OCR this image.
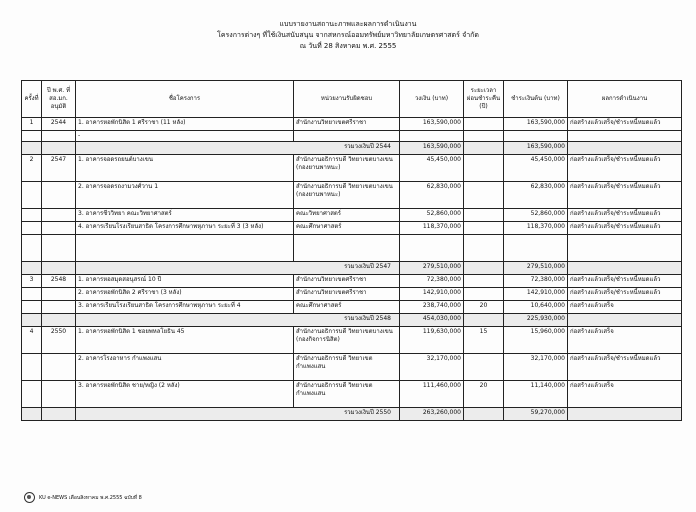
แบบรายงานสถานะภาพและผลการดำเนินงาน
โครงการต่างๆ ที่ใช้เงินสนับสนุน จากสหกรณ์ออมทรัพย์มหาวิทยาลัยเกษตรศาสตร์ จำกัด
ณ วันที่ 28 สิงหาคม พ.ศ. 2555
ครั้งที่	ปี พ.ศ. ที่ สอ.มก. อนุมัติ	ชื่อโครงการ	หน่วยงานรับผิดชอบ	วงเงิน (บาท)	ระยะเวลาผ่อนชำระคืน (ปี)	ชำระเงินต้น (บาท)	ผลการดำเนินงาน
1	2544	1. อาคารหอพักนิสิต 1 ศรีราชา (11 หลัง)	สำนักงานวิทยาเขตศรีราชา	163,590,000		163,590,000	ก่อสร้างแล้วเสร็จ/ชำระหนี้หมดแล้ว
		-					
		รวมวงเงินปี 2544		163,590,000		163,590,000	
2	2547	1. อาคารจอดรถยนต์บางเขน	สำนักงานอธิการบดี วิทยาเขตบางเขน (กองยานพาหนะ)	45,450,000		45,450,000	ก่อสร้างแล้วเสร็จ/ชำระหนี้หมดแล้ว
		2. อาคารจอดรถงามวงศ์วาน 1	สำนักงานอธิการบดี วิทยาเขตบางเขน (กองยานพาหนะ)	62,830,000		62,830,000	ก่อสร้างแล้วเสร็จ/ชำระหนี้หมดแล้ว
		3. อาคารชีววิทยา คณะวิทยาศาสตร์	คณะวิทยาศาสตร์	52,860,000		52,860,000	ก่อสร้างแล้วเสร็จ/ชำระหนี้หมดแล้ว
		4. อาคารเรียนโรงเรียนสาธิต โครงการศึกษาพหุภาษา ระยะที่ 3 (3 หลัง)	คณะศึกษาศาสตร์	118,370,000		118,370,000	ก่อสร้างแล้วเสร็จ/ชำระหนี้หมดแล้ว

		รวมวงเงินปี 2547		279,510,000		279,510,000	
3	2548	1. อาคารหอสมุดสอนุสรณ์ 10 ปี	สำนักงานวิทยาเขตศรีราชา	72,380,000		72,380,000	ก่อสร้างแล้วเสร็จ/ชำระหนี้หมดแล้ว
		2. อาคารหอพักนิสิต 2 ศรีราชา (3 หลัง)	สำนักงานวิทยาเขตศรีราชา	142,910,000		142,910,000	ก่อสร้างแล้วเสร็จ/ชำระหนี้หมดแล้ว
		3. อาคารเรียนโรงเรียนสาธิต โครงการศึกษาพหุภาษา ระยะที่ 4	คณะศึกษาศาสตร์	238,740,000	20	10,640,000	ก่อสร้างแล้วเสร็จ
		รวมวงเงินปี 2548		454,030,000		225,930,000	
4	2550	1. อาคารหอพักนิสิต 1 ชอยพหลโยธิน 45	สำนักงานอธิการบดี วิทยาเขตบางเขน (กองกิจการนิสิต)	119,630,000	15	15,960,000	ก่อสร้างแล้วเสร็จ
		2. อาคารโรงอาหาร กำแพงแสน	สำนักงานอธิการบดี วิทยาเขตกำแพงแสน	32,170,000		32,170,000	ก่อสร้างแล้วเสร็จ/ชำระหนี้หมดแล้ว
		3. อาคารหอพักนิสิต ชาย/หญิง (2 หลัง)	สำนักงานอธิการบดี วิทยาเขตกำแพงแสน	111,460,000	20	11,140,000	ก่อสร้างแล้วเสร็จ
		รวมวงเงินปี 2550		263,260,000		59,270,000	
KU e-NEWS เดือนสิงหาคม พ.ศ.2555 ฉบับที่ 8
